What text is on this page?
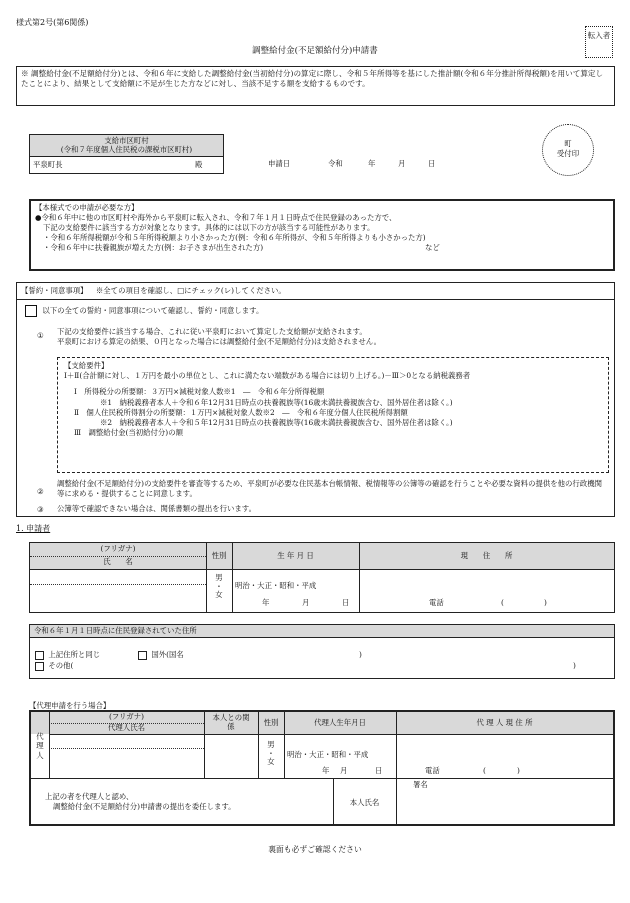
様式第2号(第6関係)
転入者
調整給付金(不足額給付分)申請書
※ 調整給付金(不足額給付分)とは、令和６年に支給した調整給付金(当初給付分)の算定に際し、令和５年所得等を基にした推計額(令和６年分推計所得税額)を用いて算定したことにより、結果として支給額に不足が生じた方などに対し、当該不足する額を支給するものです。
支給市区町村
(令和７年度個人住民税の課税市区町村)
平泉町長	殿	申請日	令和	年	月	日
町
受付印
【本様式での申請が必要な方】
●令和６年中に他の市区町村や海外から平泉町に転入され、令和７年１月１日時点で住民登録のあった方で、
下記の支給要件に該当する方が対象となります。具体的には以下の方が該当する可能性があります。
・令和６年所得税額が令和５年所得税額より小さかった方(例：令和６年所得が、令和５年所得よりも小さかった方)
・令和６年中に扶養親族が増えた方(例：お子さまが出生された方)	など
【誓約・同意事項】 ※全ての項目を確認し、□にチェック(レ)してください。
以下の全ての誓約・同意事項について確認し、誓約・同意します。
① 下記の支給要件に該当する場合、これに従い平泉町において算定した支給額が支給されます。
平泉町における算定の結果、０円となった場合には調整給付金(不足額給付分)は支給されません。
【支給要件】
Ⅰ＋Ⅱ(合計額に対し、１万円を最小の単位とし、これに満たない端数がある場合には切り上げる。)－Ⅲ＞0となる納税義務者
Ⅰ　所得税分の所要額：３万円×減税対象人数※1　―　令和６年分所得税額
※1　納税義務者本人＋令和６年12月31日時点の扶養親族等(16歳未満扶養親族含む、国外居住者は除く。)
Ⅱ　個人住民税所得割分の所要額：１万円×減税対象人数※2　―　令和６年度分個人住民税所得割額
※2　納税義務者本人＋令和５年12月31日時点の扶養親族等(16歳未満扶養親族含む、国外居住者は除く。)
Ⅲ　調整給付金(当初給付分)の額
②
調整給付金(不足額給付分)の支給要件を審査等するため、平泉町が必要な住民基本台帳情報、税情報等の公簿等の確認を行うことや必要な資料の提供を他の行政機関等に求める・提供することに同意します。
③ 公簿等で確認できない場合は、関係書類の提出を行います。
1. 申請者
(フリガナ)
氏　　名
性別	生 年 月 日	現　　住　　所
男
・
女
明治・大正・昭和・平成
年	月	日	電話	(	)
令和６年１月１日時点に住民登録されていた住所
上記住所と同じ	国外(国名	)
その他(	)
【代理申請を行う場合】
代理人
(フリガナ)
代理人氏名
本人との関係	性別	代理人生年月日	代 理 人 現 住 所
男
・
女
明治・大正・昭和・平成
年 月	日	電話	(	)
上記の者を代理人と認め、
調整給付金(不足額給付分)申請書の提出を委任します。	本人氏名
署名
裏面も必ずご確認ください
